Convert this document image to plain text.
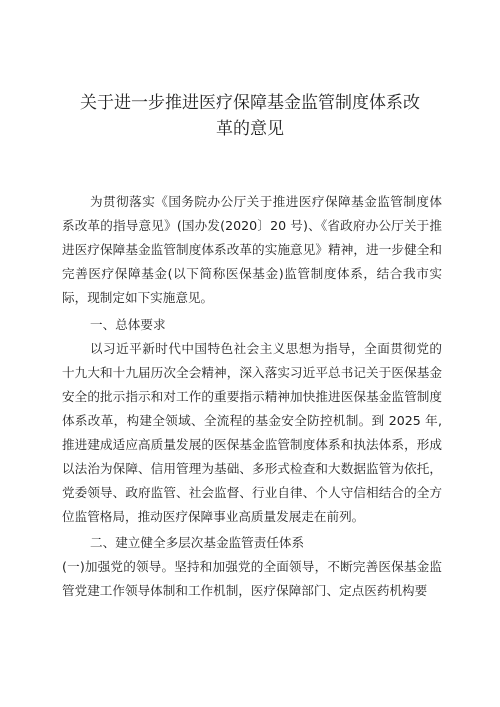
关于进一步推进医疗保障基金监管制度体系改
革的意见

为贯彻落实《国务院办公厅关于推进医疗保障基金监管制度体系改革的指导意见》(国办发(2020〕20 号)、《省政府办公厅关于推进医疗保障基金监管制度体系改革的实施意见》精神，进一步健全和完善医疗保障基金(以下简称医保基金)监管制度体系，结合我市实际，现制定如下实施意见。

一、总体要求

以习近平新时代中国特色社会主义思想为指导，全面贯彻党的十九大和十九届历次全会精神，深入落实习近平总书记关于医保基金安全的批示指示和对工作的重要指示精神加快推进医保基金监管制度体系改革，构建全领域、全流程的基金安全防控机制。到 2025 年,推进建成适应高质量发展的医保基金监管制度体系和执法体系，形成以法治为保障、信用管理为基础、多形式检查和大数据监管为依托，党委领导、政府监管、社会监督、行业自律、个人守信相结合的全方位监管格局，推动医疗保障事业高质量发展走在前列。

二、建立健全多层次基金监管责任体系

(一)加强党的领导。坚持和加强党的全面领导，不断完善医保基金监管党建工作领导体制和工作机制，医疗保障部门、定点医药机构要
